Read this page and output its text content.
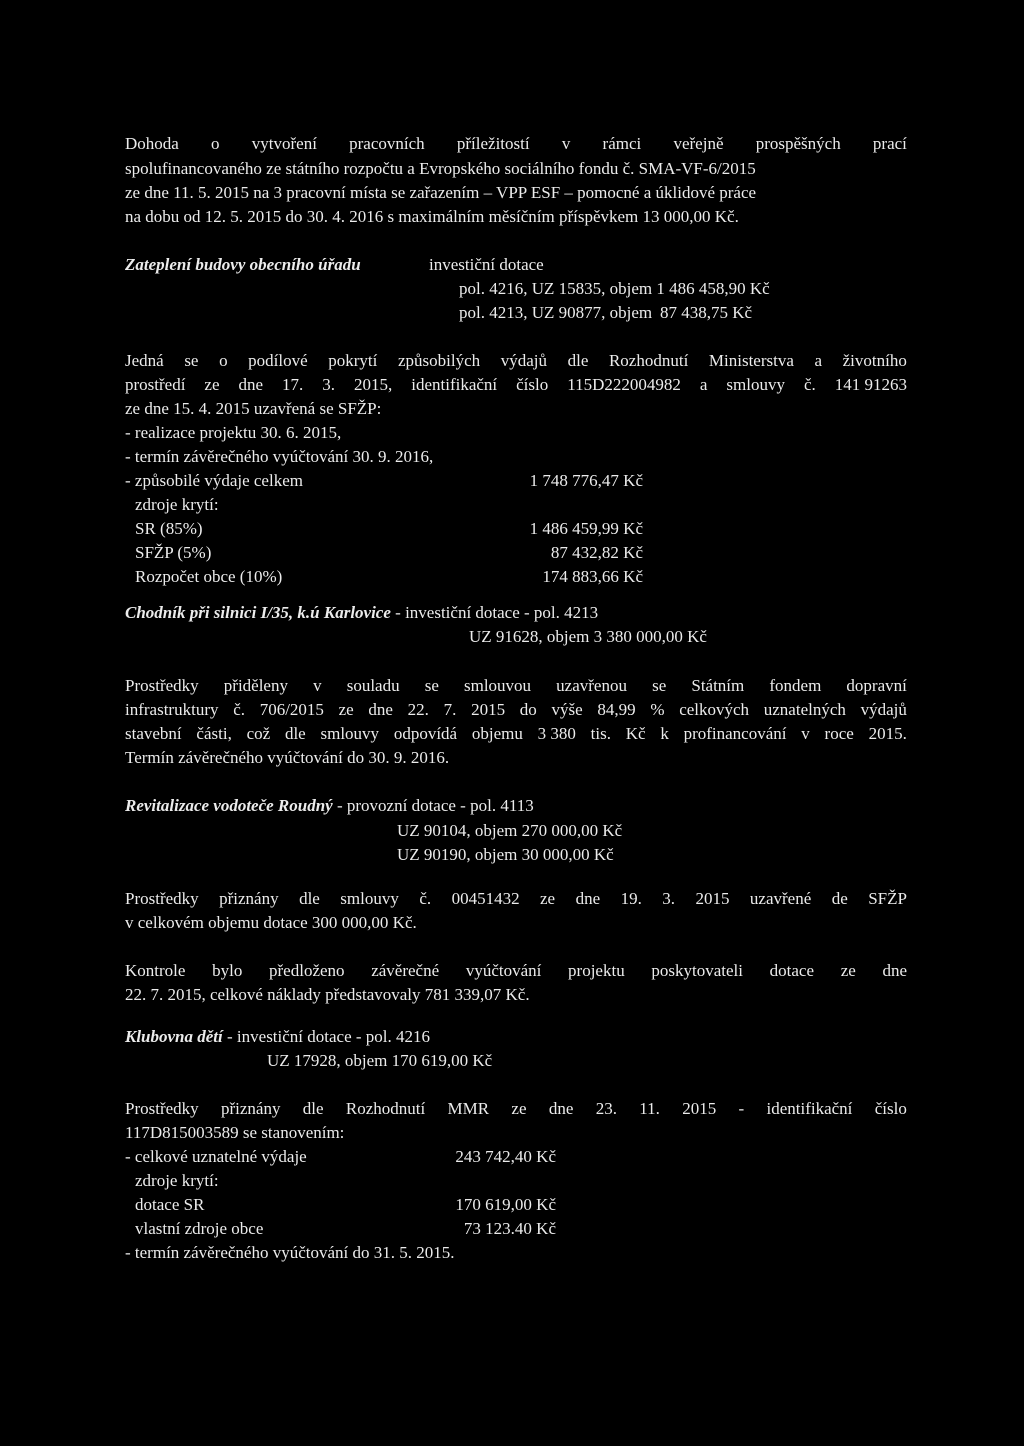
Dohoda o vytvoření pracovních příležitostí v rámci veřejně prospěšných prací
spolufinancovaného ze státního rozpočtu a Evropského sociálního fondu č. SMA-VF-6/2015
ze dne 11. 5. 2015 na 3 pracovní místa se zařazením – VPP ESF – pomocné a úklidové práce
na dobu od 12. 5. 2015 do 30. 4. 2016 s maximálním měsíčním příspěvkem 13 000,00 Kč.
Zateplení budovy obecního úřadu	investiční dotace
pol. 4216, UZ 15835, objem 1 486 458,90 Kč
pol. 4213, UZ 90877, objem 87 438,75 Kč
Jedná se o podílové pokrytí způsobilých výdajů dle Rozhodnutí Ministerstva a životního
prostředí ze dne 17. 3. 2015, identifikační číslo 115D222004982 a smlouvy č. 141 91263
ze dne 15. 4. 2015 uzavřená se SFŽP:
- realizace projektu 30. 6. 2015,
- termín závěrečného vyúčtování 30. 9. 2016,
- způsobilé výdaje celkem	1 748 776,47 Kč
zdroje krytí:
SR (85%)	1 486 459,99 Kč
SFŽP (5%)	87 432,82 Kč
Rozpočet obce (10%)	174 883,66 Kč
Chodník při silnici I/35, k.ú Karlovice - investiční dotace - pol. 4213
UZ 91628, objem 3 380 000,00 Kč
Prostředky přiděleny v souladu se smlouvou uzavřenou se Státním fondem dopravní
infrastruktury č. 706/2015 ze dne 22. 7. 2015 do výše 84,99 % celkových uznatelných výdajů
stavební části, což dle smlouvy odpovídá objemu 3 380 tis. Kč k profinancování v roce 2015.
Termín závěrečného vyúčtování do 30. 9. 2016.
Revitalizace vodoteče Roudný - provozní dotace - pol. 4113
UZ 90104, objem 270 000,00 Kč
UZ 90190, objem 30 000,00 Kč
Prostředky přiznány dle smlouvy č. 00451432 ze dne 19. 3. 2015 uzavřené de SFŽP
v celkovém objemu dotace 300 000,00 Kč.
Kontrole bylo předloženo závěrečné vyúčtování projektu poskytovateli dotace ze dne
22. 7. 2015, celkové náklady představovaly 781 339,07 Kč.
Klubovna dětí - investiční dotace - pol. 4216
UZ 17928, objem 170 619,00 Kč
Prostředky přiznány dle Rozhodnutí MMR ze dne 23. 11. 2015 - identifikační číslo
117D815003589 se stanovením:
- celkové uznatelné výdaje	243 742,40 Kč
zdroje krytí:
dotace SR	170 619,00 Kč
vlastní zdroje obce	73 123.40 Kč
- termín závěrečného vyúčtování do 31. 5. 2015.
